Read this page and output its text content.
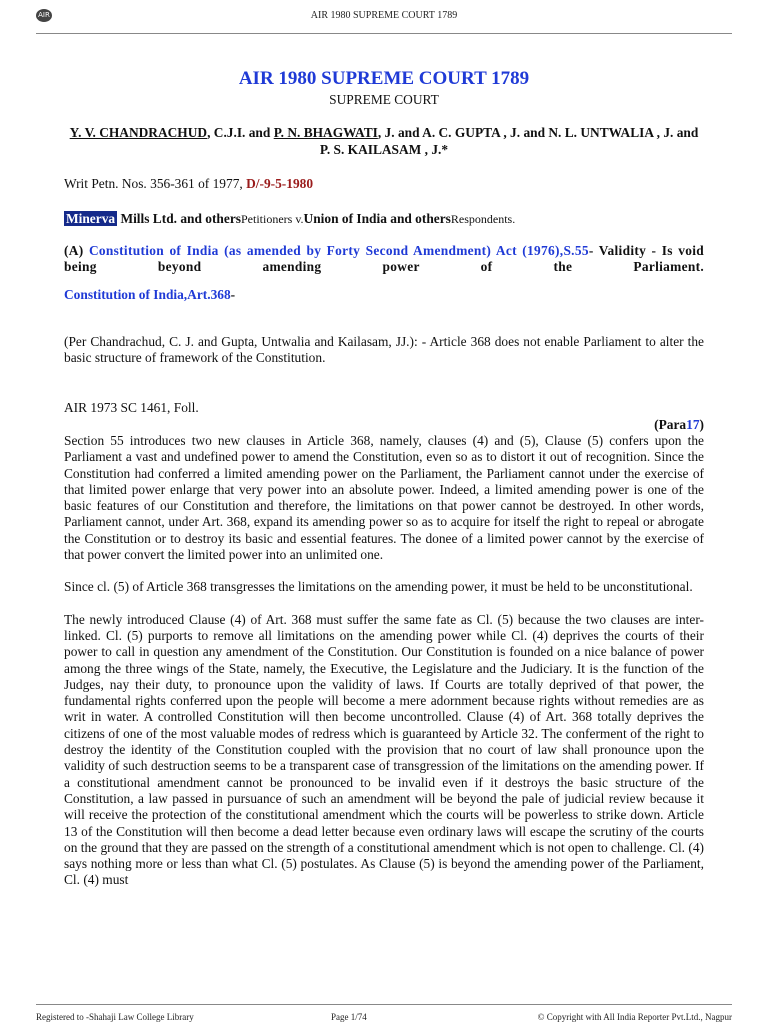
AIR	AIR 1980 SUPREME COURT 1789
AIR 1980 SUPREME COURT 1789
SUPREME COURT
Y. V. CHANDRACHUD, C.J.I. and P. N. BHAGWATI, J. and A. C. GUPTA , J. and N. L. UNTWALIA , J. and P. S. KAILASAM , J.*
Writ Petn. Nos. 356-361 of 1977, D/-9-5-1980
Minerva Mills Ltd. and othersPetitioners v.Union of India and othersRespondents.
(A) Constitution of India (as amended by Forty Second Amendment) Act (1976),S.55- Validity - Is void being beyond amending power of the Parliament.
Constitution of India,Art.368-

(Per Chandrachud, C. J. and Gupta, Untwalia and Kailasam, JJ.): - Article 368 does not enable Parliament to alter the basic structure of framework of the Constitution.

AIR 1973 SC 1461, Foll.

(Para17)

Section 55 introduces two new clauses in Article 368, namely, clauses (4) and (5), Clause (5) confers upon the Parliament a vast and undefined power to amend the Constitution, even so as to distort it out of recognition. Since the Constitution had conferred a limited amending power on the Parliament, the Parliament cannot under the exercise of that limited power enlarge that very power into an absolute power. Indeed, a limited amending power is one of the basic features of our Constitution and therefore, the limitations on that power cannot be destroyed. In other words, Parliament cannot, under Art. 368, expand its amending power so as to acquire for itself the right to repeal or abrogate the Constitution or to destroy its basic and essential features. The donee of a limited power cannot by the exercise of that power convert the limited power into an unlimited one.

Since cl. (5) of Article 368 transgresses the limitations on the amending power, it must be held to be unconstitutional.

The newly introduced Clause (4) of Art. 368 must suffer the same fate as Cl. (5) because the two clauses are inter-linked. Cl. (5) purports to remove all limitations on the amending power while Cl. (4) deprives the courts of their power to call in question any amendment of the Constitution. Our Constitution is founded on a nice balance of power among the three wings of the State, namely, the Executive, the Legislature and the Judiciary. It is the function of the Judges, nay their duty, to pronounce upon the validity of laws. If Courts are totally deprived of that power, the fundamental rights conferred upon the people will become a mere adornment because rights without remedies are as writ in water. A controlled Constitution will then become uncontrolled. Clause (4) of Art. 368 totally deprives the citizens of one of the most valuable modes of redress which is guaranteed by Article 32. The conferment of the right to destroy the identity of the Constitution coupled with the provision that no court of law shall pronounce upon the validity of such destruction seems to be a transparent case of transgression of the limitations on the amending power. If a constitutional amendment cannot be pronounced to be invalid even if it destroys the basic structure of the Constitution, a law passed in pursuance of such an amendment will be beyond the pale of judicial review because it will receive the protection of the constitutional amendment which the courts will be powerless to strike down. Article 13 of the Constitution will then become a dead letter because even ordinary laws will escape the scrutiny of the courts on the ground that they are passed on the strength of a constitutional amendment which is not open to challenge. Cl. (4) says nothing more or less than what Cl. (5) postulates. As Clause (5) is beyond the amending power of the Parliament, Cl. (4) must

Registered to -Shahaji Law College Library	Page 1/74	© Copyright with All India Reporter Pvt.Ltd., Nagpur
